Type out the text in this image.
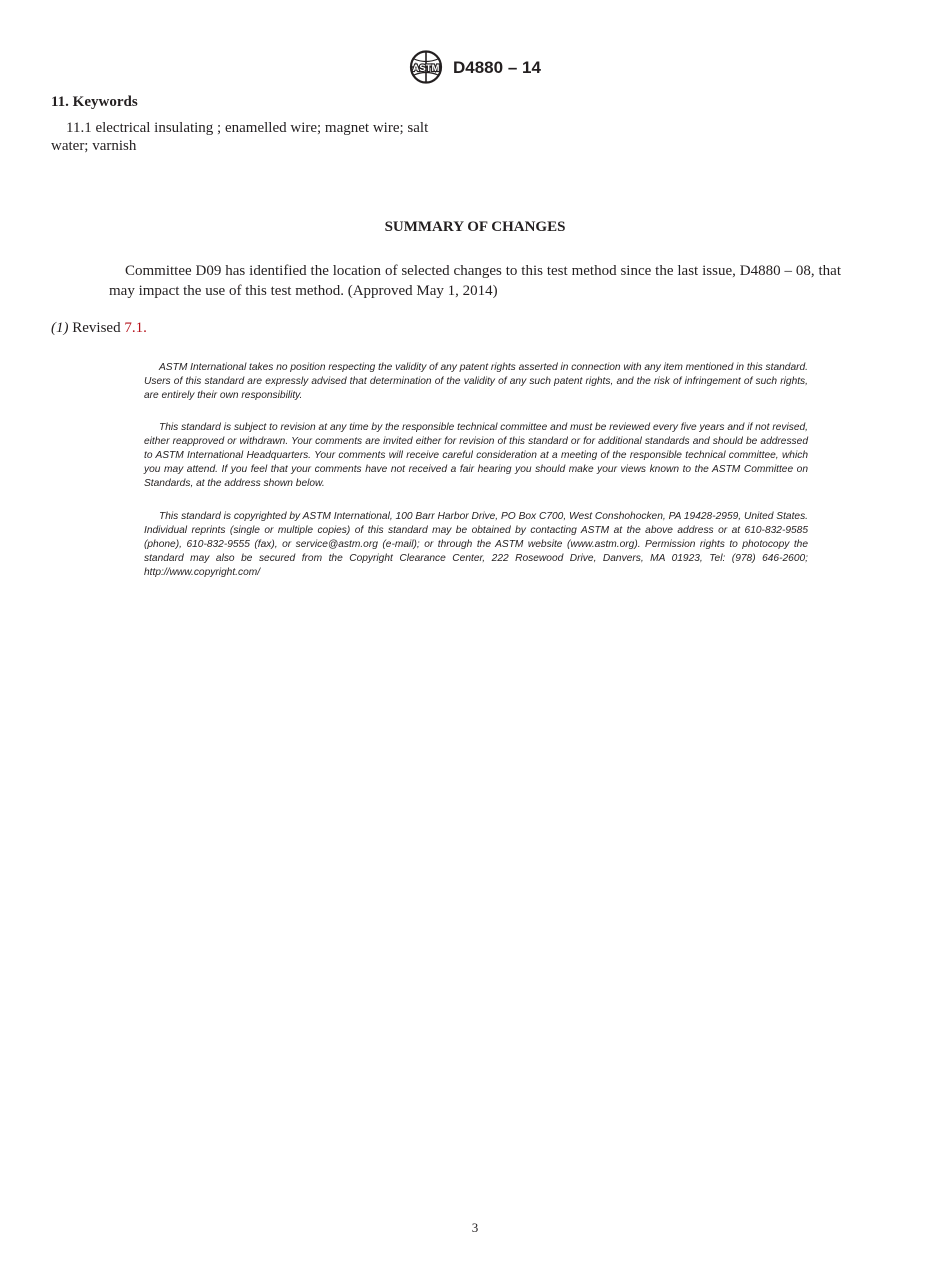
ASTM D4880 – 14
11. Keywords
11.1 electrical insulating ; enamelled wire; magnet wire; salt
water; varnish
SUMMARY OF CHANGES
Committee D09 has identified the location of selected changes to this test method since the last issue, D4880 – 08, that may impact the use of this test method. (Approved May 1, 2014)
(1) Revised 7.1.
ASTM International takes no position respecting the validity of any patent rights asserted in connection with any item mentioned in this standard. Users of this standard are expressly advised that determination of the validity of any such patent rights, and the risk of infringement of such rights, are entirely their own responsibility.
This standard is subject to revision at any time by the responsible technical committee and must be reviewed every five years and if not revised, either reapproved or withdrawn. Your comments are invited either for revision of this standard or for additional standards and should be addressed to ASTM International Headquarters. Your comments will receive careful consideration at a meeting of the responsible technical committee, which you may attend. If you feel that your comments have not received a fair hearing you should make your views known to the ASTM Committee on Standards, at the address shown below.
This standard is copyrighted by ASTM International, 100 Barr Harbor Drive, PO Box C700, West Conshohocken, PA 19428-2959, United States. Individual reprints (single or multiple copies) of this standard may be obtained by contacting ASTM at the above address or at 610-832-9585 (phone), 610-832-9555 (fax), or service@astm.org (e-mail); or through the ASTM website (www.astm.org). Permission rights to photocopy the standard may also be secured from the Copyright Clearance Center, 222 Rosewood Drive, Danvers, MA 01923, Tel: (978) 646-2600; http://www.copyright.com/
3
